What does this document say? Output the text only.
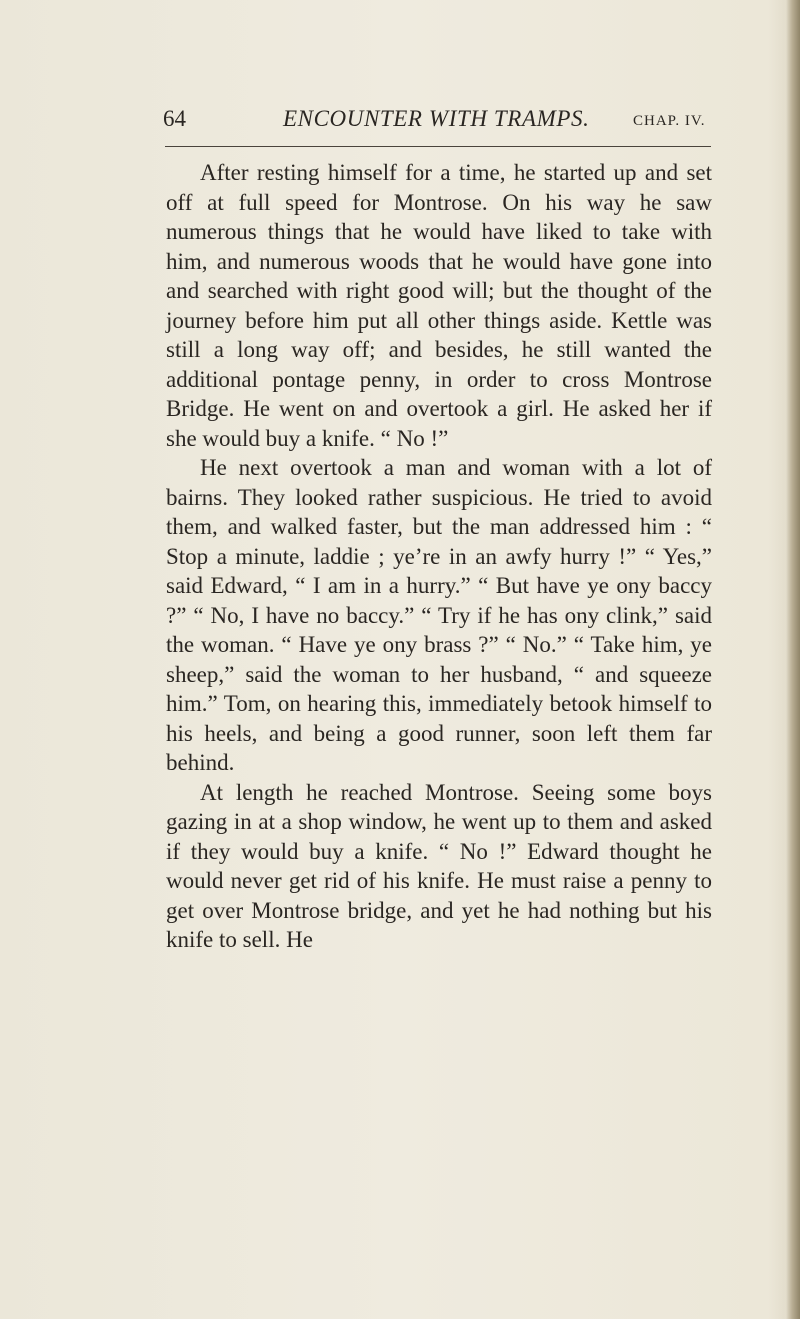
64	ENCOUNTER WITH TRAMPS.	CHAP. IV.

After resting himself for a time, he started up and set off at full speed for Montrose. On his way he saw numerous things that he would have liked to take with him, and numerous woods that he would have gone into and searched with right good will; but the thought of the journey before him put all other things aside. Kettle was still a long way off; and besides, he still wanted the additional pontage penny, in order to cross Montrose Bridge. He went on and overtook a girl. He asked her if she would buy a knife. “ No !”

He next overtook a man and woman with a lot of bairns. They looked rather suspicious. He tried to avoid them, and walked faster, but the man addressed him : “ Stop a minute, laddie ; ye’re in an awfy hurry !” “ Yes,” said Edward, “ I am in a hurry.” “ But have ye ony baccy ?” “ No, I have no baccy.” “ Try if he has ony clink,” said the woman. “ Have ye ony brass ?” “ No.” “ Take him, ye sheep,” said the woman to her husband, “ and squeeze him.” Tom, on hearing this, immediately betook himself to his heels, and being a good runner, soon left them far behind.

At length he reached Montrose. Seeing some boys gazing in at a shop window, he went up to them and asked if they would buy a knife. “ No !” Edward thought he would never get rid of his knife. He must raise a penny to get over Montrose bridge, and yet he had nothing but his knife to sell. He
